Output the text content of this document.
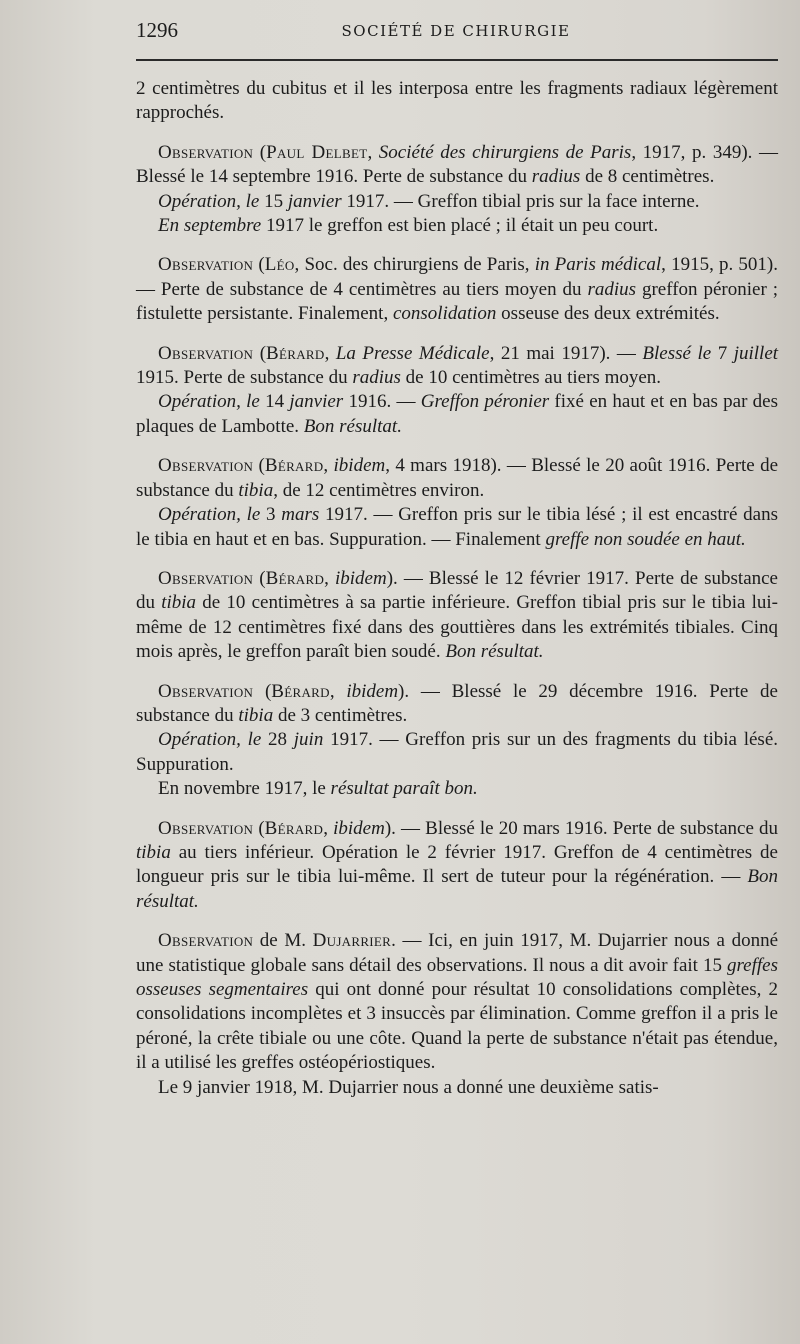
1296	SOCIÉTÉ DE CHIRURGIE

2 centimètres du cubitus et il les interposa entre les fragments radiaux légèrement rapprochés.

Observation (Paul Delbet, Société des chirurgiens de Paris, 1917, p. 349). — Blessé le 14 septembre 1916. Perte de substance du radius de 8 centimètres.

Opération, le 15 janvier 1917. — Greffon tibial pris sur la face interne.

En septembre 1917 le greffon est bien placé ; il était un peu court.

Observation (Léo, Soc. des chirurgiens de Paris, in Paris médical, 1915, p. 501). — Perte de substance de 4 centimètres au tiers moyen du radius greffon péronier ; fistulette persistante. Finalement, consolidation osseuse des deux extrémités.

Observation (Bérard, La Presse Médicale, 21 mai 1917). — Blessé le 7 juillet 1915. Perte de substance du radius de 10 centimètres au tiers moyen.

Opération, le 14 janvier 1916. — Greffon péronier fixé en haut et en bas par des plaques de Lambotte. Bon résultat.

Observation (Bérard, ibidem, 4 mars 1918). — Blessé le 20 août 1916. Perte de substance du tibia, de 12 centimètres environ.

Opération, le 3 mars 1917. — Greffon pris sur le tibia lésé ; il est encastré dans le tibia en haut et en bas. Suppuration. — Finalement greffe non soudée en haut.

Observation (Bérard, ibidem). — Blessé le 12 février 1917. Perte de substance du tibia de 10 centimètres à sa partie inférieure. Greffon tibial pris sur le tibia lui-même de 12 centimètres fixé dans des gouttières dans les extrémités tibiales. Cinq mois après, le greffon paraît bien soudé. Bon résultat.

Observation (Bérard, ibidem). — Blessé le 29 décembre 1916. Perte de substance du tibia de 3 centimètres.

Opération, le 28 juin 1917. — Greffon pris sur un des fragments du tibia lésé. Suppuration.

En novembre 1917, le résultat paraît bon.

Observation (Bérard, ibidem). — Blessé le 20 mars 1916. Perte de substance du tibia au tiers inférieur. Opération le 2 février 1917. Greffon de 4 centimètres de longueur pris sur le tibia lui-même. Il sert de tuteur pour la régénération. — Bon résultat.

Observation de M. Dujarrier. — Ici, en juin 1917, M. Dujarrier nous a donné une statistique globale sans détail des observations. Il nous a dit avoir fait 15 greffes osseuses segmentaires qui ont donné pour résultat 10 consolidations complètes, 2 consolidations incomplètes et 3 insuccès par élimination. Comme greffon il a pris le péroné, la crête tibiale ou une côte. Quand la perte de substance n'était pas étendue, il a utilisé les greffes ostéopériostiques.

Le 9 janvier 1918, M. Dujarrier nous a donné une deuxième satis-
